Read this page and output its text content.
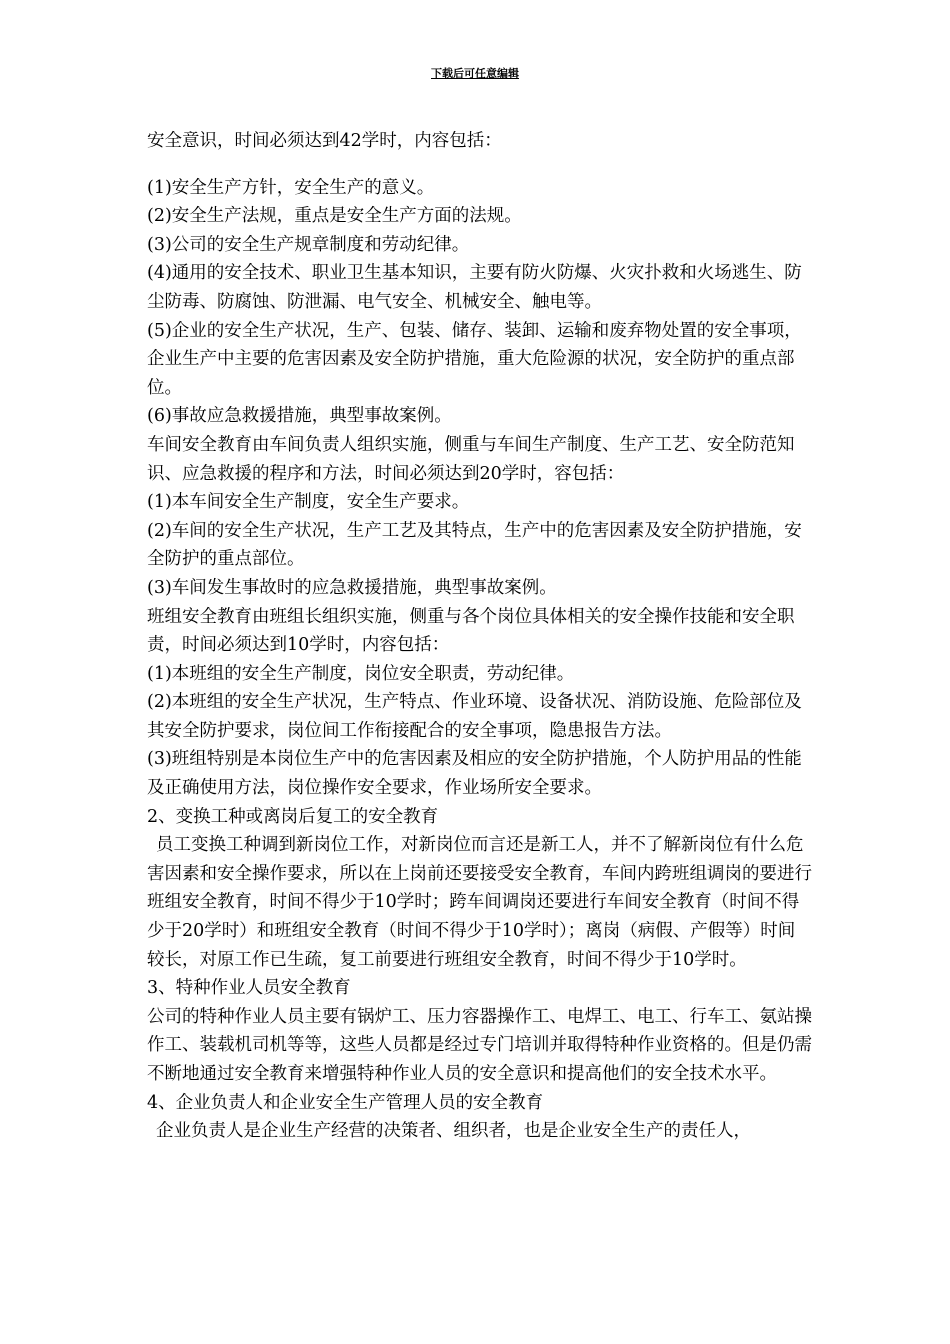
下载后可任意编辑

安全意识，时间必须达到42学时，内容包括：

(1)安全生产方针，安全生产的意义。

(2)安全生产法规，重点是安全生产方面的法规。

(3)公司的安全生产规章制度和劳动纪律。

(4)通用的安全技术、职业卫生基本知识，主要有防火防爆、火灾扑救和火场逃生、防尘防毒、防腐蚀、防泄漏、电气安全、机械安全、触电等。

(5)企业的安全生产状况，生产、包装、储存、装卸、运输和废弃物处置的安全事项，企业生产中主要的危害因素及安全防护措施，重大危险源的状况，安全防护的重点部位。

(6)事故应急救援措施，典型事故案例。

车间安全教育由车间负责人组织实施，侧重与车间生产制度、生产工艺、安全防范知识、应急救援的程序和方法，时间必须达到20学时，容包括：

(1)本车间安全生产制度，安全生产要求。

(2)车间的安全生产状况，生产工艺及其特点，生产中的危害因素及安全防护措施，安全防护的重点部位。

(3)车间发生事故时的应急救援措施，典型事故案例。

班组安全教育由班组长组织实施，侧重与各个岗位具体相关的安全操作技能和安全职责，时间必须达到10学时，内容包括：

(1)本班组的安全生产制度，岗位安全职责，劳动纪律。

(2)本班组的安全生产状况，生产特点、作业环境、设备状况、消防设施、危险部位及其安全防护要求，岗位间工作衔接配合的安全事项，隐患报告方法。

(3)班组特别是本岗位生产中的危害因素及相应的安全防护措施，个人防护用品的性能及正确使用方法，岗位操作安全要求，作业场所安全要求。

2、变换工种或离岗后复工的安全教育

员工变换工种调到新岗位工作，对新岗位而言还是新工人，并不了解新岗位有什么危害因素和安全操作要求，所以在上岗前还要接受安全教育，车间内跨班组调岗的要进行班组安全教育，时间不得少于10学时；跨车间调岗还要进行车间安全教育（时间不得少于20学时）和班组安全教育（时间不得少于10学时）；离岗（病假、产假等）时间较长，对原工作已生疏，复工前要进行班组安全教育，时间不得少于10学时。

3、特种作业人员安全教育

公司的特种作业人员主要有锅炉工、压力容器操作工、电焊工、电工、行车工、氨站操作工、装载机司机等等，这些人员都是经过专门培训并取得特种作业资格的。但是仍需不断地通过安全教育来增强特种作业人员的安全意识和提高他们的安全技术水平。

4、企业负责人和企业安全生产管理人员的安全教育

企业负责人是企业生产经营的决策者、组织者，也是企业安全生产的责任人，
